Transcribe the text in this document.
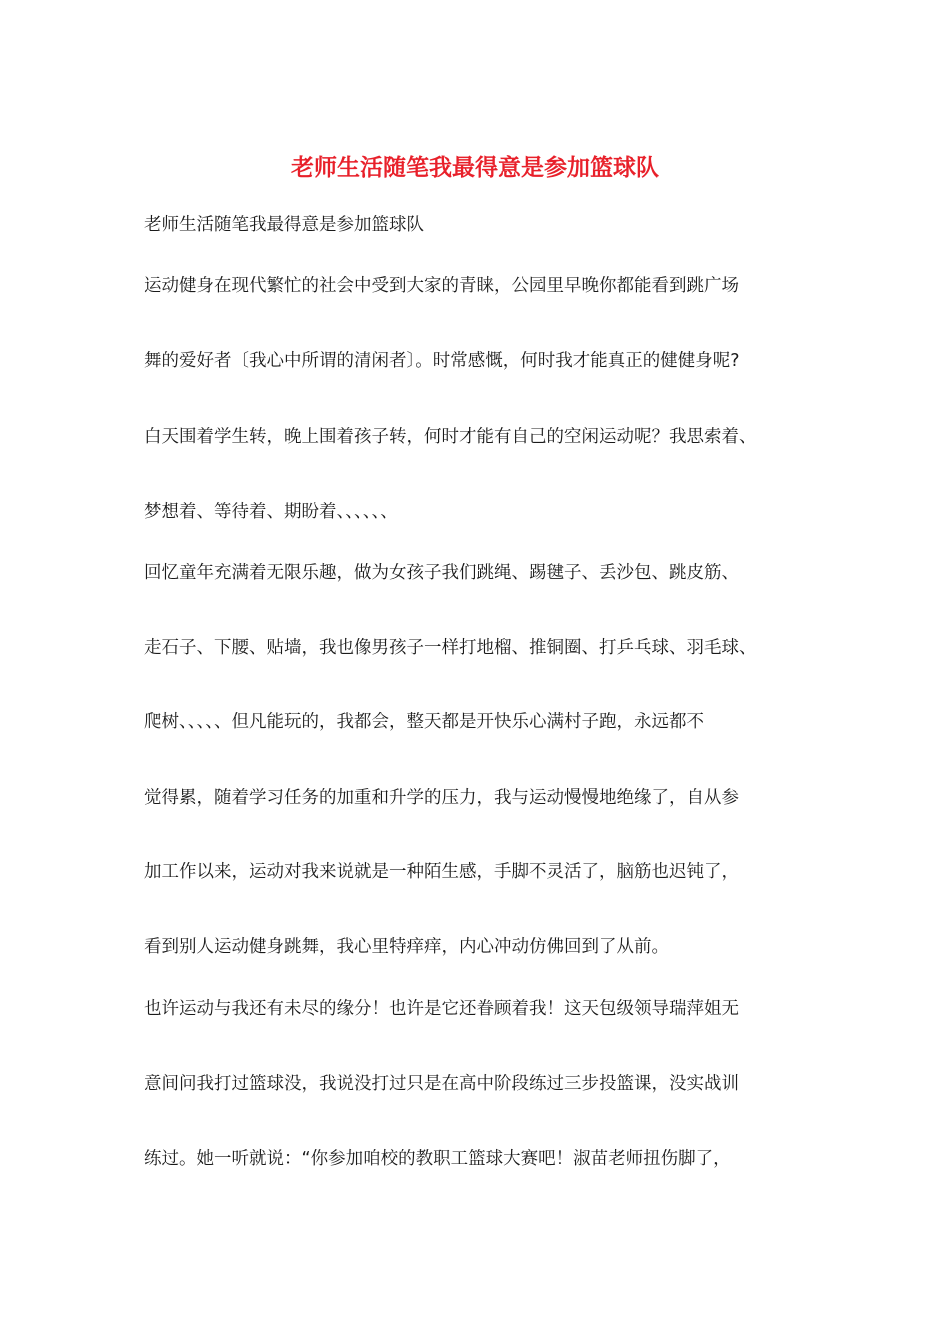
老师生活随笔我最得意是参加篮球队
老师生活随笔我最得意是参加篮球队
运动健身在现代繁忙的社会中受到大家的青睐，公园里早晚你都能看到跳广场
舞的爱好者〔我心中所谓的清闲者〕。时常感慨，何时我才能真正的健健身呢?
白天围着学生转，晚上围着孩子转，何时才能有自己的空闲运动呢？我思索着、
梦想着、等待着、期盼着、、、、、、
回忆童年充满着无限乐趣，做为女孩子我们跳绳、踢毽子、丢沙包、跳皮筋、
走石子、下腰、贴墙，我也像男孩子一样打地榴、推铜圈、打乒乓球、羽毛球、
爬树、、、、、但凡能玩的，我都会，整天都是开快乐心满村子跑，永远都不
觉得累，随着学习任务的加重和升学的压力，我与运动慢慢地绝缘了，自从参
加工作以来，运动对我来说就是一种陌生感，手脚不灵活了，脑筋也迟钝了，
看到别人运动健身跳舞，我心里特痒痒，内心冲动仿佛回到了从前。
也许运动与我还有未尽的缘分！也许是它还眷顾着我！这天包级领导瑞萍姐无
意间问我打过篮球没，我说没打过只是在高中阶段练过三步投篮课，没实战训
练过。她一听就说：“你参加咱校的教职工篮球大赛吧！淑苗老师扭伤脚了，
